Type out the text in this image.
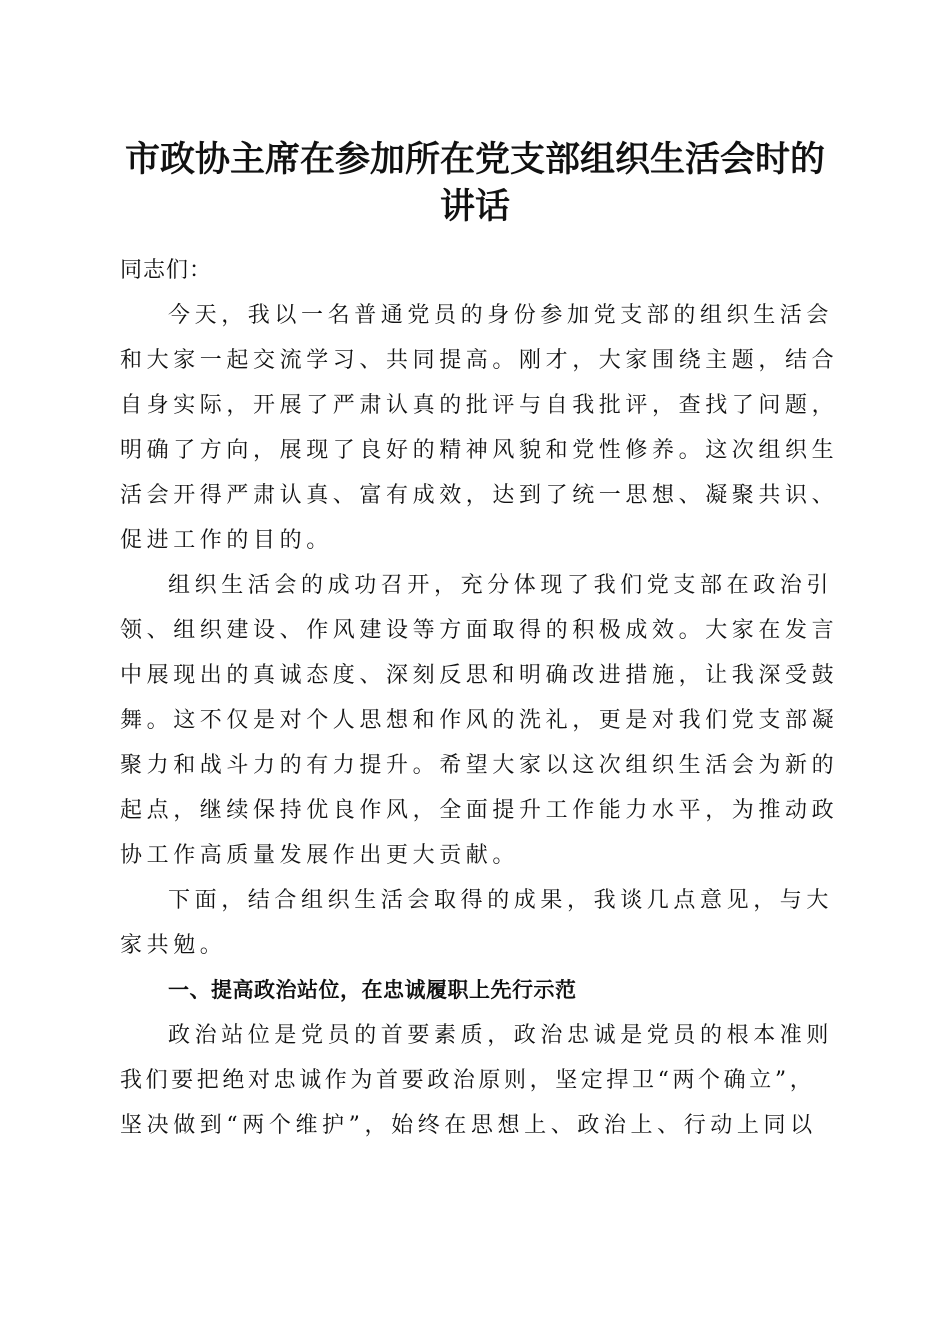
市政协主席在参加所在党支部组织生活会时的
讲话

同志们：

今天，我以一名普通党员的身份参加党支部的组织生活会
和大家一起交流学习、共同提高。刚才，大家围绕主题，结合
自身实际，开展了严肃认真的批评与自我批评，查找了问题，
明确了方向，展现了良好的精神风貌和党性修养。这次组织生
活会开得严肃认真、富有成效，达到了统一思想、凝聚共识、
促进工作的目的。

组织生活会的成功召开，充分体现了我们党支部在政治引
领、组织建设、作风建设等方面取得的积极成效。大家在发言
中展现出的真诚态度、深刻反思和明确改进措施，让我深受鼓
舞。这不仅是对个人思想和作风的洗礼，更是对我们党支部凝
聚力和战斗力的有力提升。希望大家以这次组织生活会为新的
起点，继续保持优良作风，全面提升工作能力水平，为推动政
协工作高质量发展作出更大贡献。

下面，结合组织生活会取得的成果，我谈几点意见，与大
家共勉。

一、提高政治站位，在忠诚履职上先行示范

政治站位是党员的首要素质，政治忠诚是党员的根本准则
我们要把绝对忠诚作为首要政治原则，坚定捍卫“两个确立”，
坚决做到“两个维护”，始终在思想上、政治上、行动上同以
